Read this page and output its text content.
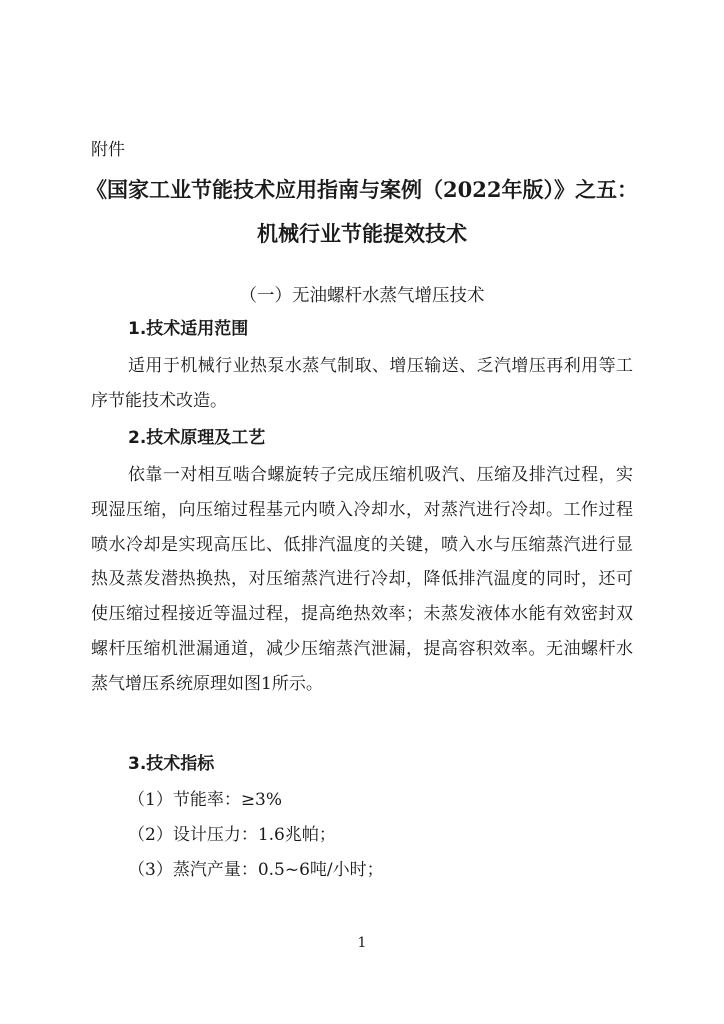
附件
《国家工业节能技术应用指南与案例（2022年版）》之五：
机械行业节能提效技术
（一）无油螺杆水蒸气增压技术
1.技术适用范围
适用于机械行业热泵水蒸气制取、增压输送、乏汽增压再利用等工序节能技术改造。
2.技术原理及工艺
依靠一对相互啮合螺旋转子完成压缩机吸汽、压缩及排汽过程，实现湿压缩，向压缩过程基元内喷入冷却水，对蒸汽进行冷却。工作过程喷水冷却是实现高压比、低排汽温度的关键，喷入水与压缩蒸汽进行显热及蒸发潜热换热，对压缩蒸汽进行冷却，降低排汽温度的同时，还可使压缩过程接近等温过程，提高绝热效率；未蒸发液体水能有效密封双螺杆压缩机泄漏通道，减少压缩蒸汽泄漏，提高容积效率。无油螺杆水蒸气增压系统原理如图1所示。
3.技术指标
（1）节能率：≥3%
（2）设计压力：1.6兆帕；
（3）蒸汽产量：0.5~6吨/小时；
1
